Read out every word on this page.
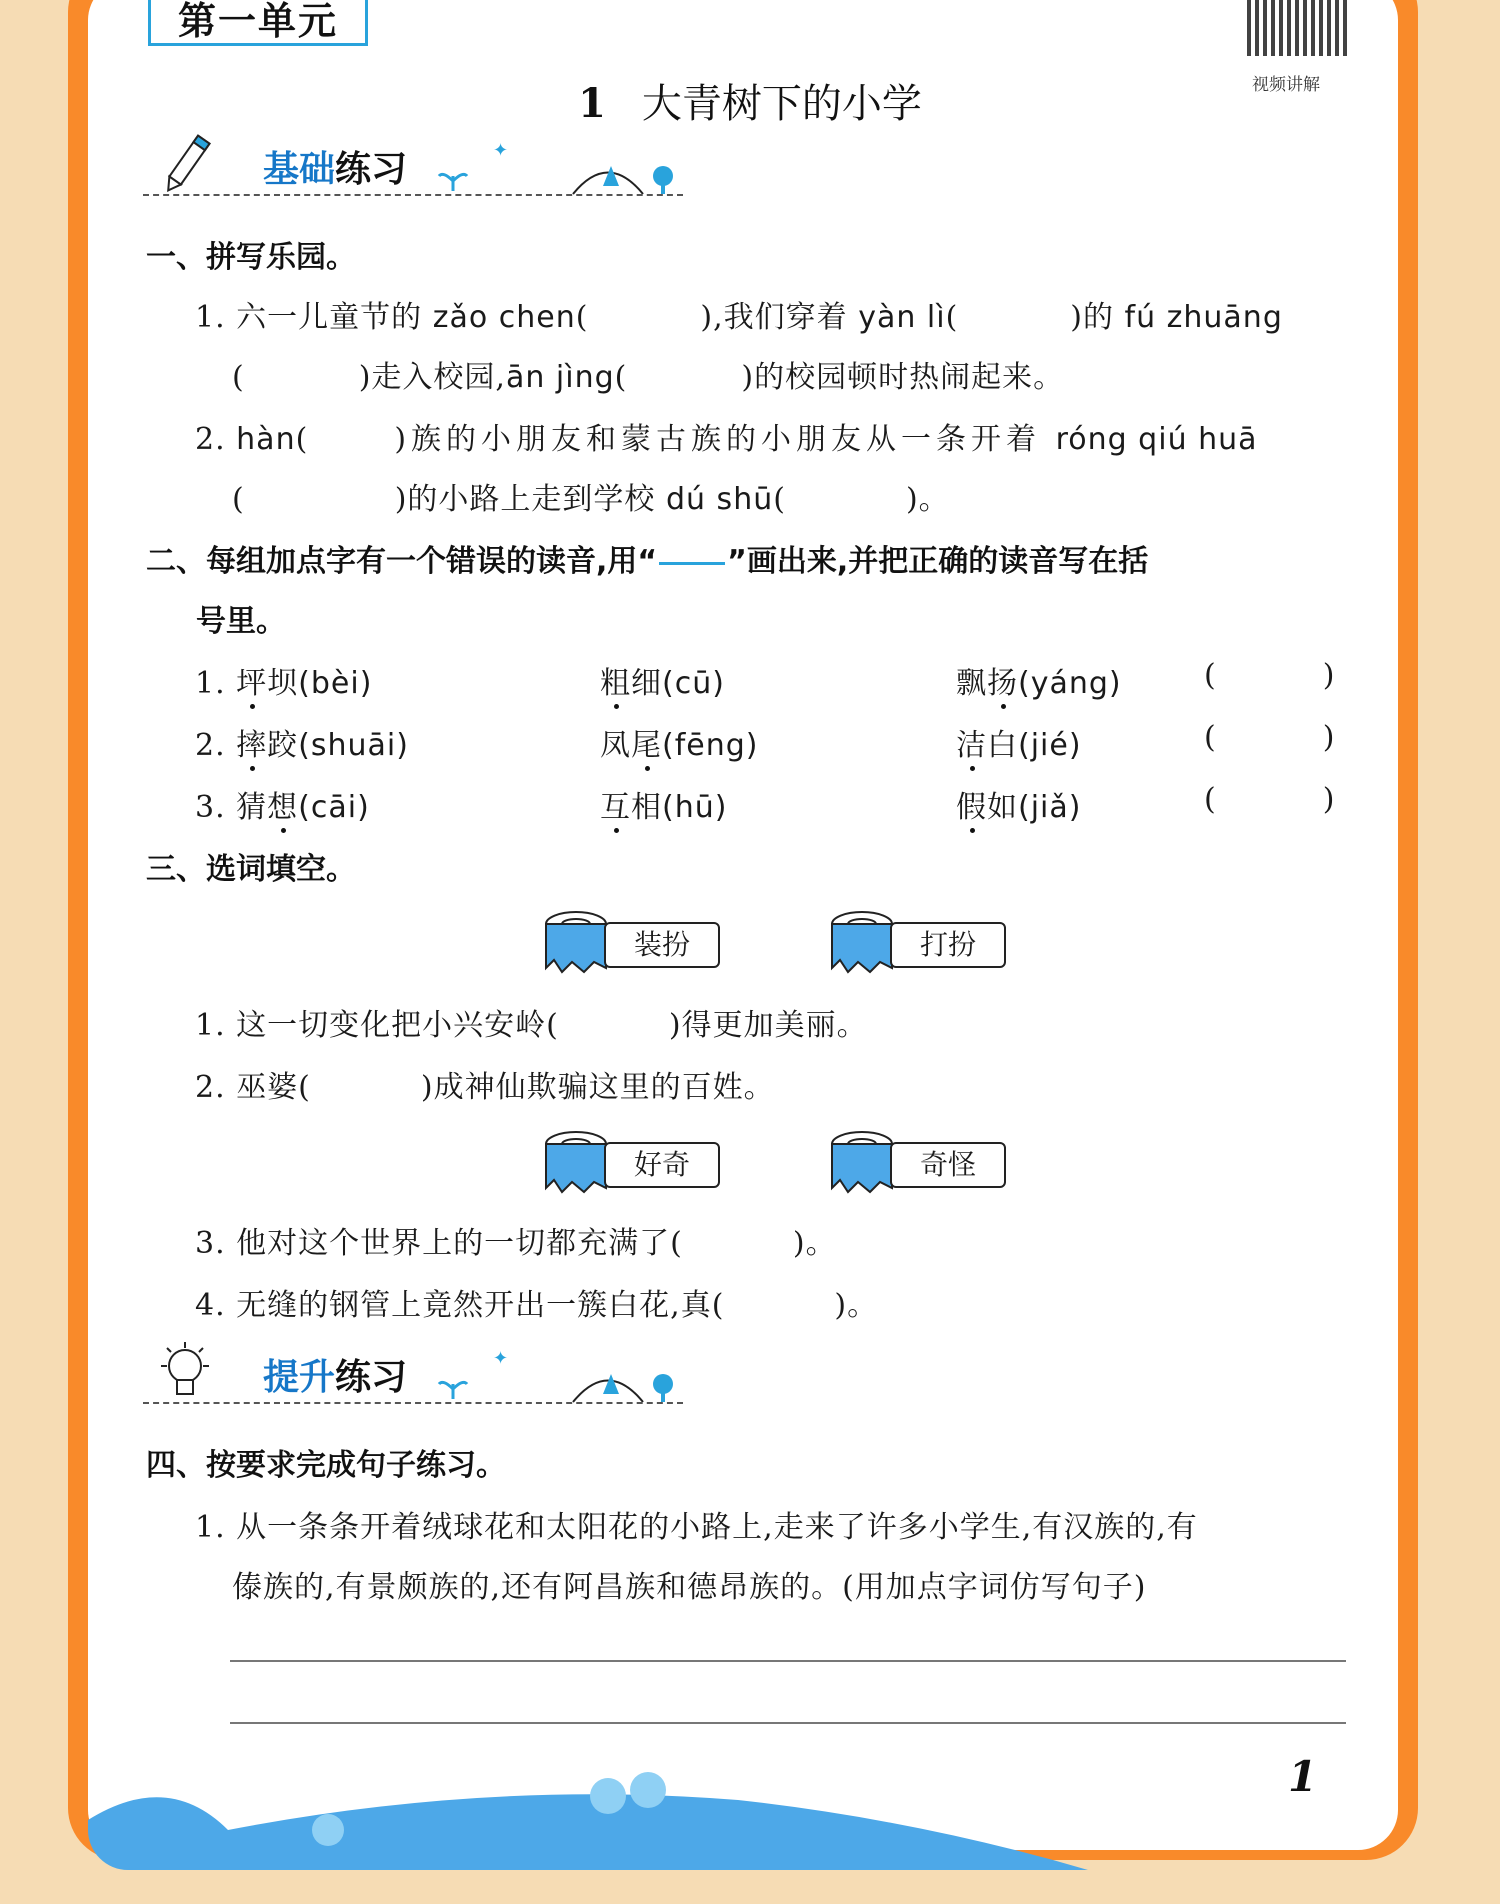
第一单元
视频讲解
1 大青树下的小学
✦
基础练习
一、拼写乐园。
1. 六一儿童节的 zǎo chen(	),我们穿着 yàn lì(	)的 fú zhuāng
(	)走入校园,ān jìng(	)的校园顿时热闹起来。
2. hàn(	)族的小朋友和蒙古族的小朋友从一条开着 róng qiú huā
(	)的小路上走到学校 dú shū(	)。
二、每组加点字有一个错误的读音,用“ ”画出来,并把正确的读音写在括
号里。
1. 坪坝(bèi)	粗细(cū)	飘扬(yáng)	(	)
2. 摔跤(shuāi)	凤尾(fēng)	洁白(jié)	(	)
3. 猜想(cāi)	互相(hū)	假如(jiǎ)	(	)
三、选词填空。
装扮	打扮
1. 这一切变化把小兴安岭(	)得更加美丽。
2. 巫婆(	)成神仙欺骗这里的百姓。
好奇	奇怪
3. 他对这个世界上的一切都充满了(	)。
4. 无缝的钢管上竟然开出一簇白花,真(	)。
✦
提升练习
四、按要求完成句子练习。
1. 从一条条开着绒球花和太阳花的小路上,走来了许多小学生,有汉族的,有
傣族的,有景颇族的,还有阿昌族和德昂族的。(用加点字词仿写句子)
1
